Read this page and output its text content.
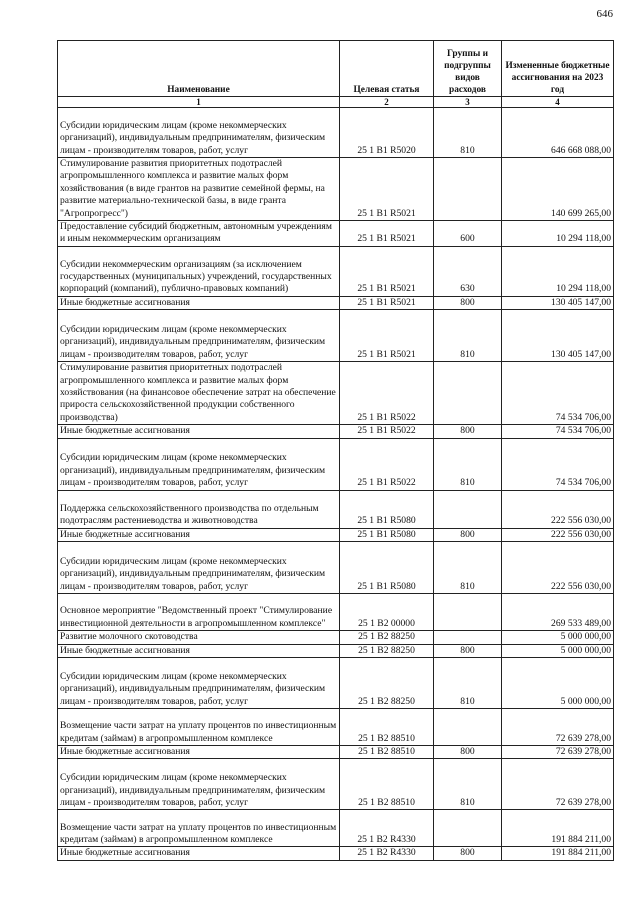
646
Наименование	Целевая статья	Группы и подгруппы видов расходов	Измененные бюджетные ассигнования на 2023 год
1	2	3	4
Субсидии юридическим лицам (кроме некоммерческих организаций), индивидуальным предпринимателям, физическим лицам - производителям товаров, работ, услуг	25 1 В1 R5020	810	646 668 088,00
Стимулирование развития приоритетных подотраслей агропромышленного комплекса и развитие малых форм хозяйствования (в виде грантов на развитие семейной фермы, на развитие материально-технической базы, в виде гранта "Агропрогресс")	25 1 В1 R5021		140 699 265,00
Предоставление субсидий бюджетным, автономным учреждениям и иным некоммерческим организациям	25 1 В1 R5021	600	10 294 118,00
Субсидии некоммерческим организациям (за исключением государственных (муниципальных) учреждений, государственных корпораций (компаний), публично-правовых компаний)	25 1 В1 R5021	630	10 294 118,00
Иные бюджетные ассигнования	25 1 В1 R5021	800	130 405 147,00
Субсидии юридическим лицам (кроме некоммерческих организаций), индивидуальным предпринимателям, физическим лицам - производителям товаров, работ, услуг	25 1 В1 R5021	810	130 405 147,00
Стимулирование развития приоритетных подотраслей агропромышленного комплекса и развитие малых форм хозяйствования (на финансовое обеспечение затрат на обеспечение прироста сельскохозяйственной продукции собственного производства)	25 1 В1 R5022		74 534 706,00
Иные бюджетные ассигнования	25 1 В1 R5022	800	74 534 706,00
Субсидии юридическим лицам (кроме некоммерческих организаций), индивидуальным предпринимателям, физическим лицам - производителям товаров, работ, услуг	25 1 В1 R5022	810	74 534 706,00
Поддержка сельскохозяйственного производства по отдельным подотраслям растениеводства и животноводства	25 1 В1 R5080		222 556 030,00
Иные бюджетные ассигнования	25 1 В1 R5080	800	222 556 030,00
Субсидии юридическим лицам (кроме некоммерческих организаций), индивидуальным предпринимателям, физическим лицам - производителям товаров, работ, услуг	25 1 В1 R5080	810	222 556 030,00
Основное мероприятие "Ведомственный проект "Стимулирование инвестиционной деятельности в агропромышленном комплексе"	25 1 В2 00000		269 533 489,00
Развитие молочного скотоводства	25 1 В2 88250		5 000 000,00
Иные бюджетные ассигнования	25 1 В2 88250	800	5 000 000,00
Субсидии юридическим лицам (кроме некоммерческих организаций), индивидуальным предпринимателям, физическим лицам - производителям товаров, работ, услуг	25 1 В2 88250	810	5 000 000,00
Возмещение части затрат на уплату процентов по инвестиционным кредитам (займам) в агропромышленном комплексе	25 1 В2 88510		72 639 278,00
Иные бюджетные ассигнования	25 1 В2 88510	800	72 639 278,00
Субсидии юридическим лицам (кроме некоммерческих организаций), индивидуальным предпринимателям, физическим лицам - производителям товаров, работ, услуг	25 1 В2 88510	810	72 639 278,00
Возмещение части затрат на уплату процентов по инвестиционным кредитам (займам) в агропромышленном комплексе	25 1 В2 R4330		191 884 211,00
Иные бюджетные ассигнования	25 1 В2 R4330	800	191 884 211,00
